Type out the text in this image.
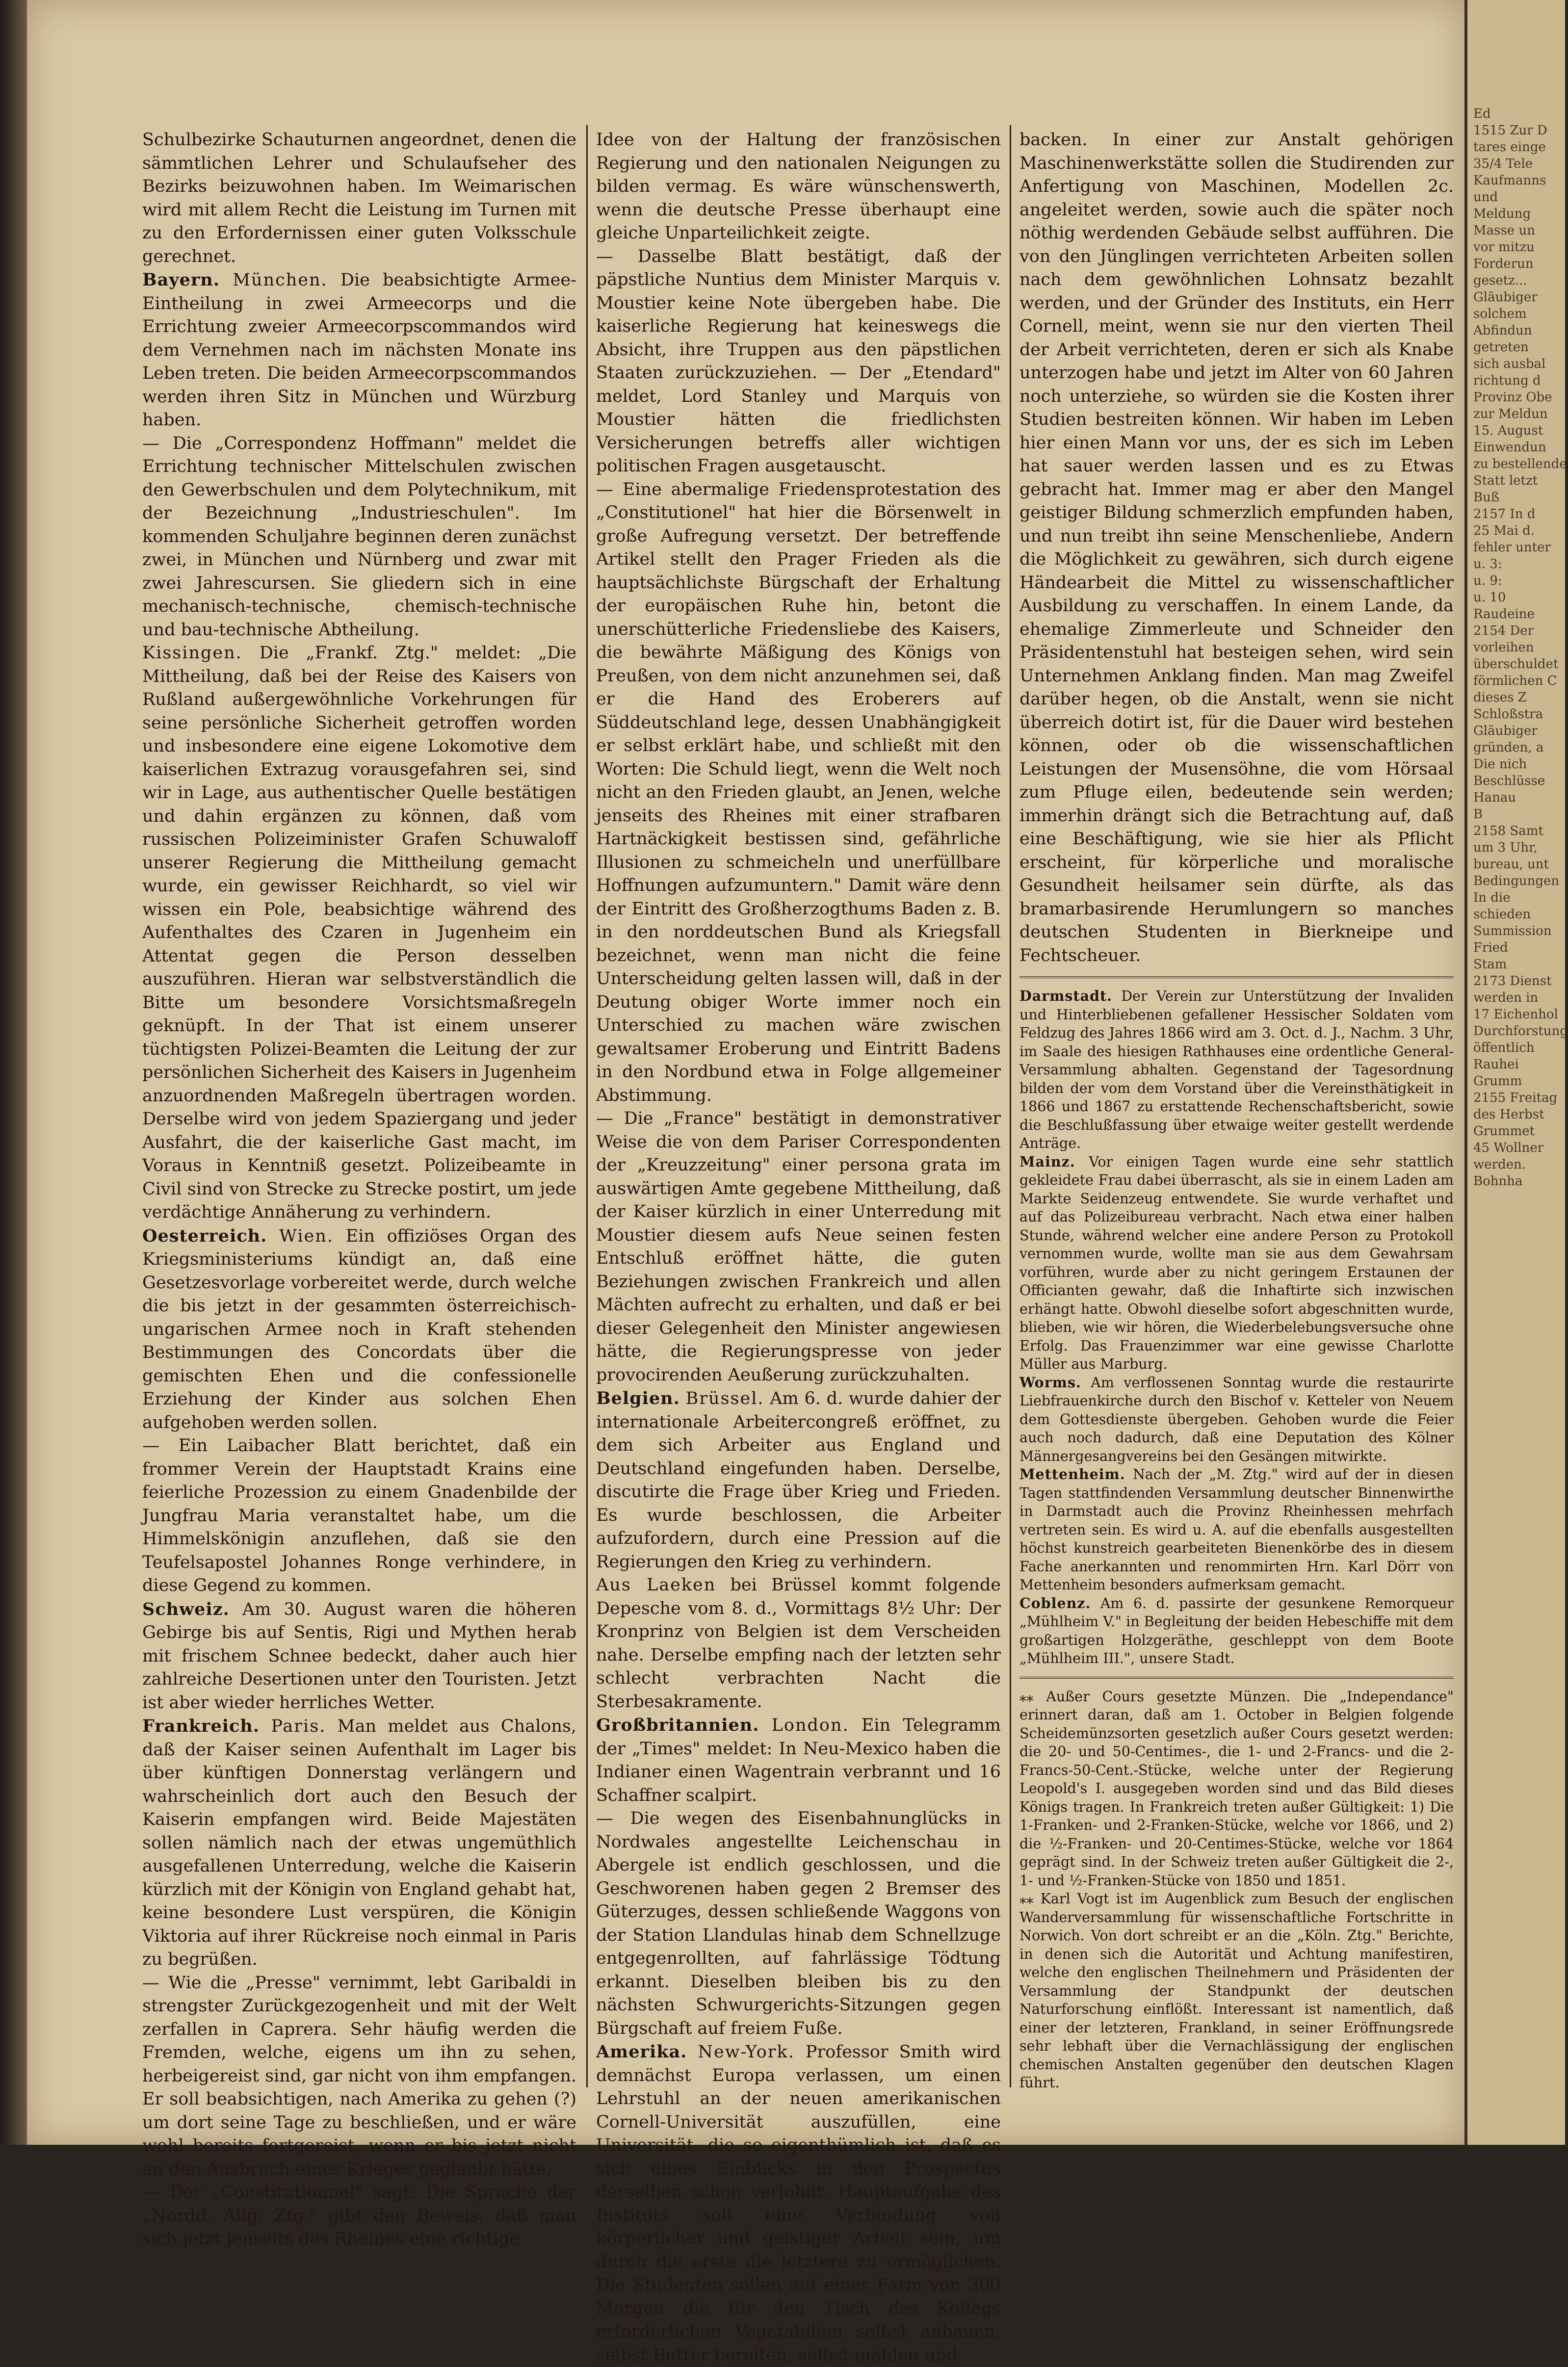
Schulbezirke Schauturnen angeordnet, denen die sämmtlichen Lehrer und Schulaufseher des Bezirks beizuwohnen haben. Im Weimarischen wird mit allem Recht die Leistung im Turnen mit zu den Erfordernissen einer guten Volksschule gerechnet.

Bayern. München. Die beabsichtigte Armee-Eintheilung in zwei Armeecorps und die Errichtung zweier Armeecorpscommandos wird dem Vernehmen nach im nächsten Monate ins Leben treten. Die beiden Armeecorpscommandos werden ihren Sitz in München und Würzburg haben.

— Die „Correspondenz Hoffmann" meldet die Errichtung technischer Mittelschulen zwischen den Gewerbschulen und dem Polytechnikum, mit der Bezeichnung „Industrieschulen". Im kommenden Schuljahre beginnen deren zunächst zwei, in München und Nürnberg und zwar mit zwei Jahrescursen. Sie gliedern sich in eine mechanisch-technische, chemisch-technische und bau-technische Abtheilung.

Kissingen. Die „Frankf. Ztg." meldet: „Die Mittheilung, daß bei der Reise des Kaisers von Rußland außergewöhnliche Vorkehrungen für seine persönliche Sicherheit getroffen worden und insbesondere eine eigene Lokomotive dem kaiserlichen Extrazug vorausgefahren sei, sind wir in Lage, aus authentischer Quelle bestätigen und dahin ergänzen zu können, daß vom russischen Polizeiminister Grafen Schuwaloff unserer Regierung die Mittheilung gemacht wurde, ein gewisser Reichhardt, so viel wir wissen ein Pole, beabsichtige während des Aufenthaltes des Czaren in Jugenheim ein Attentat gegen die Person desselben auszuführen. Hieran war selbstverständlich die Bitte um besondere Vorsichtsmaßregeln geknüpft. In der That ist einem unserer tüchtigsten Polizei-Beamten die Leitung der zur persönlichen Sicherheit des Kaisers in Jugenheim anzuordnenden Maßregeln übertragen worden. Derselbe wird von jedem Spaziergang und jeder Ausfahrt, die der kaiserliche Gast macht, im Voraus in Kenntniß gesetzt. Polizeibeamte in Civil sind von Strecke zu Strecke postirt, um jede verdächtige Annäherung zu verhindern.

Oesterreich. Wien. Ein offiziöses Organ des Kriegsministeriums kündigt an, daß eine Gesetzesvorlage vorbereitet werde, durch welche die bis jetzt in der gesammten österreichisch-ungarischen Armee noch in Kraft stehenden Bestimmungen des Concordats über die gemischten Ehen und die confessionelle Erziehung der Kinder aus solchen Ehen aufgehoben werden sollen.

— Ein Laibacher Blatt berichtet, daß ein frommer Verein der Hauptstadt Krains eine feierliche Prozession zu einem Gnadenbilde der Jungfrau Maria veranstaltet habe, um die Himmelskönigin anzuflehen, daß sie den Teufelsapostel Johannes Ronge verhindere, in diese Gegend zu kommen.

Schweiz. Am 30. August waren die höheren Gebirge bis auf Sentis, Rigi und Mythen herab mit frischem Schnee bedeckt, daher auch hier zahlreiche Desertionen unter den Touristen. Jetzt ist aber wieder herrliches Wetter.

Frankreich. Paris. Man meldet aus Chalons, daß der Kaiser seinen Aufenthalt im Lager bis über künftigen Donnerstag verlängern und wahrscheinlich dort auch den Besuch der Kaiserin empfangen wird. Beide Majestäten sollen nämlich nach der etwas ungemüthlich ausgefallenen Unterredung, welche die Kaiserin kürzlich mit der Königin von England gehabt hat, keine besondere Lust verspüren, die Königin Viktoria auf ihrer Rückreise noch einmal in Paris zu begrüßen.

— Wie die „Presse" vernimmt, lebt Garibaldi in strengster Zurückgezogenheit und mit der Welt zerfallen in Caprera. Sehr häufig werden die Fremden, welche, eigens um ihn zu sehen, herbeigereist sind, gar nicht von ihm empfangen. Er soll beabsichtigen, nach Amerika zu gehen (?) um dort seine Tage zu beschließen, und er wäre wohl bereits fortgereist, wenn er bis jetzt nicht an den Ausbruch eines Krieges geglaubt hätte.

— Der „Constitutionnel" sagt: Die Sprache der „Nordd. Allg. Ztg." gibt den Beweis, daß man sich jetzt jenseits des Rheines eine richtige

Idee von der Haltung der französischen Regierung und den nationalen Neigungen zu bilden vermag. Es wäre wünschenswerth, wenn die deutsche Presse überhaupt eine gleiche Unparteilichkeit zeigte.

— Dasselbe Blatt bestätigt, daß der päpstliche Nuntius dem Minister Marquis v. Moustier keine Note übergeben habe. Die kaiserliche Regierung hat keineswegs die Absicht, ihre Truppen aus den päpstlichen Staaten zurückzuziehen. — Der „Etendard" meldet, Lord Stanley und Marquis von Moustier hätten die friedlichsten Versicherungen betreffs aller wichtigen politischen Fragen ausgetauscht.

— Eine abermalige Friedensprotestation des „Constitutionel" hat hier die Börsenwelt in große Aufregung versetzt. Der betreffende Artikel stellt den Prager Frieden als die hauptsächlichste Bürgschaft der Erhaltung der europäischen Ruhe hin, betont die unerschütterliche Friedensliebe des Kaisers, die bewährte Mäßigung des Königs von Preußen, von dem nicht anzunehmen sei, daß er die Hand des Eroberers auf Süddeutschland lege, dessen Unabhängigkeit er selbst erklärt habe, und schließt mit den Worten: Die Schuld liegt, wenn die Welt noch nicht an den Frieden glaubt, an Jenen, welche jenseits des Rheines mit einer strafbaren Hartnäckigkeit bestissen sind, gefährliche Illusionen zu schmeicheln und unerfüllbare Hoffnungen aufzumuntern." Damit wäre denn der Eintritt des Großherzogthums Baden z. B. in den norddeutschen Bund als Kriegsfall bezeichnet, wenn man nicht die feine Unterscheidung gelten lassen will, daß in der Deutung obiger Worte immer noch ein Unterschied zu machen wäre zwischen gewaltsamer Eroberung und Eintritt Badens in den Nordbund etwa in Folge allgemeiner Abstimmung.

— Die „France" bestätigt in demonstrativer Weise die von dem Pariser Correspondenten der „Kreuzzeitung" einer persona grata im auswärtigen Amte gegebene Mittheilung, daß der Kaiser kürzlich in einer Unterredung mit Moustier diesem aufs Neue seinen festen Entschluß eröffnet hätte, die guten Beziehungen zwischen Frankreich und allen Mächten aufrecht zu erhalten, und daß er bei dieser Gelegenheit den Minister angewiesen hätte, die Regierungspresse von jeder provocirenden Aeußerung zurückzuhalten.

Belgien. Brüssel. Am 6. d. wurde dahier der internationale Arbeitercongreß eröffnet, zu dem sich Arbeiter aus England und Deutschland eingefunden haben. Derselbe, discutirte die Frage über Krieg und Frieden. Es wurde beschlossen, die Arbeiter aufzufordern, durch eine Pression auf die Regierungen den Krieg zu verhindern.

Aus Laeken bei Brüssel kommt folgende Depesche vom 8. d., Vormittags 8½ Uhr: Der Kronprinz von Belgien ist dem Verscheiden nahe. Derselbe empfing nach der letzten sehr schlecht verbrachten Nacht die Sterbesakramente.

Großbritannien. London. Ein Telegramm der „Times" meldet: In Neu-Mexico haben die Indianer einen Wagentrain verbrannt und 16 Schaffner scalpirt.

— Die wegen des Eisenbahnunglücks in Nordwales angestellte Leichenschau in Abergele ist endlich geschlossen, und die Geschworenen haben gegen 2 Bremser des Güterzuges, dessen schließende Waggons von der Station Llandulas hinab dem Schnellzuge entgegenrollten, auf fahrlässige Tödtung erkannt. Dieselben bleiben bis zu den nächsten Schwurgerichts-Sitzungen gegen Bürgschaft auf freiem Fuße.

Amerika. New-York. Professor Smith wird demnächst Europa verlassen, um einen Lehrstuhl an der neuen amerikanischen Cornell-Universität auszufüllen, eine Universität, die so eigenthümlich ist, daß es sich eines Einblicks in den Prospectus derselben schon verlohnt. Hauptaufgabe des Instituts soll eine Verbindung von körperlicher und geistiger Arbeit sein, um durch die erste die letztere zu ermöglichen. Die Studenten sollen auf einer Farm von 300 Morgen die für den Tisch des Kollegs erforderlichen Vegetabilien selbst anbauen, selbst Butter bereiten, selbst mahlen und

backen. In einer zur Anstalt gehörigen Maschinenwerkstätte sollen die Studirenden zur Anfertigung von Maschinen, Modellen 2c. angeleitet werden, sowie auch die später noch nöthig werdenden Gebäude selbst aufführen. Die von den Jünglingen verrichteten Arbeiten sollen nach dem gewöhnlichen Lohnsatz bezahlt werden, und der Gründer des Instituts, ein Herr Cornell, meint, wenn sie nur den vierten Theil der Arbeit verrichteten, deren er sich als Knabe unterzogen habe und jetzt im Alter von 60 Jahren noch unterziehe, so würden sie die Kosten ihrer Studien bestreiten können. Wir haben im Leben hier einen Mann vor uns, der es sich im Leben hat sauer werden lassen und es zu Etwas gebracht hat. Immer mag er aber den Mangel geistiger Bildung schmerzlich empfunden haben, und nun treibt ihn seine Menschenliebe, Andern die Möglichkeit zu gewähren, sich durch eigene Händearbeit die Mittel zu wissenschaftlicher Ausbildung zu verschaffen. In einem Lande, da ehemalige Zimmerleute und Schneider den Präsidentenstuhl hat besteigen sehen, wird sein Unternehmen Anklang finden. Man mag Zweifel darüber hegen, ob die Anstalt, wenn sie nicht überreich dotirt ist, für die Dauer wird bestehen können, oder ob die wissenschaftlichen Leistungen der Musensöhne, die vom Hörsaal zum Pfluge eilen, bedeutende sein werden; immerhin drängt sich die Betrachtung auf, daß eine Beschäftigung, wie sie hier als Pflicht erscheint, für körperliche und moralische Gesundheit heilsamer sein dürfte, als das bramarbasirende Herumlungern so manches deutschen Studenten in Bierkneipe und Fechtscheuer.

Darmstadt. Der Verein zur Unterstützung der Invaliden und Hinterbliebenen gefallener Hessischer Soldaten vom Feldzug des Jahres 1866 wird am 3. Oct. d. J., Nachm. 3 Uhr, im Saale des hiesigen Rathhauses eine ordentliche General-Versammlung abhalten. Gegenstand der Tagesordnung bilden der vom dem Vorstand über die Vereinsthätigkeit in 1866 und 1867 zu erstattende Rechenschaftsbericht, sowie die Beschlußfassung über etwaige weiter gestellt werdende Anträge.

Mainz. Vor einigen Tagen wurde eine sehr stattlich gekleidete Frau dabei überrascht, als sie in einem Laden am Markte Seidenzeug entwendete. Sie wurde verhaftet und auf das Polizeibureau verbracht. Nach etwa einer halben Stunde, während welcher eine andere Person zu Protokoll vernommen wurde, wollte man sie aus dem Gewahrsam vorführen, wurde aber zu nicht geringem Erstaunen der Officianten gewahr, daß die Inhaftirte sich inzwischen erhängt hatte. Obwohl dieselbe sofort abgeschnitten wurde, blieben, wie wir hören, die Wiederbelebungsversuche ohne Erfolg. Das Frauenzimmer war eine gewisse Charlotte Müller aus Marburg.

Worms. Am verflossenen Sonntag wurde die restaurirte Liebfrauenkirche durch den Bischof v. Ketteler von Neuem dem Gottesdienste übergeben. Gehoben wurde die Feier auch noch dadurch, daß eine Deputation des Kölner Männergesangvereins bei den Gesängen mitwirkte.

Mettenheim. Nach der „M. Ztg." wird auf der in diesen Tagen stattfindenden Versammlung deutscher Binnenwirthe in Darmstadt auch die Provinz Rheinhessen mehrfach vertreten sein. Es wird u. A. auf die ebenfalls ausgestellten höchst kunstreich gearbeiteten Bienenkörbe des in diesem Fache anerkannten und renommirten Hrn. Karl Dörr von Mettenheim besonders aufmerksam gemacht.

Coblenz. Am 6. d. passirte der gesunkene Remorqueur „Mühlheim V." in Begleitung der beiden Hebeschiffe mit dem großartigen Holzgeräthe, geschleppt von dem Boote „Mühlheim III.", unsere Stadt.

⁎⁎ Außer Cours gesetzte Münzen. Die „Independance" erinnert daran, daß am 1. October in Belgien folgende Scheidemünzsorten gesetzlich außer Cours gesetzt werden: die 20- und 50-Centimes-, die 1- und 2-Francs- und die 2-Francs-50-Cent.-Stücke, welche unter der Regierung Leopold's I. ausgegeben worden sind und das Bild dieses Königs tragen. In Frankreich treten außer Gültigkeit: 1) Die 1-Franken- und 2-Franken-Stücke, welche vor 1866, und 2) die ½-Franken- und 20-Centimes-Stücke, welche vor 1864 geprägt sind. In der Schweiz treten außer Gültigkeit die 2-, 1- und ½-Franken-Stücke von 1850 und 1851.

⁎⁎ Karl Vogt ist im Augenblick zum Besuch der englischen Wanderversammlung für wissenschaftliche Fortschritte in Norwich. Von dort schreibt er an die „Köln. Ztg." Berichte, in denen sich die Autorität und Achtung manifestiren, welche den englischen Theilnehmern und Präsidenten der Versammlung der Standpunkt der deutschen Naturforschung einflößt. Interessant ist namentlich, daß einer der letzteren, Frankland, in seiner Eröffnungsrede sehr lebhaft über die Vernachlässigung der englischen chemischen Anstalten gegenüber den deutschen Klagen führt.

Ed
1515 Zur D
tares einge
35/4 Tele
Kaufmanns
und
Meldung
Masse un
vor mitzu
Forderun
gesetz...
Gläubiger
solchem
Abfindun
getreten
sich ausbal
richtung d
Provinz Obe
zur Meldun
15. August
Einwendun
zu bestellende
Statt letzt
Buß
2157 In d
25 Mai d.
fehler unter
u. 3:
u. 9:
u. 10
Raudeine
2154 Der
vorleihen
überschuldet
förmlichen C
dieses Z
Schloßstra
Gläubiger
gründen, a
Die nich
Beschlüsse
Hanau
B
2158 Samt
um 3 Uhr,
bureau, unt
Bedingungen
In die
schieden
Summission
Fried
Stam
2173 Dienst
werden in
17 Eichenhol
Durchforstung
öffentlich
Rauhei
Grumm
2155 Freitag
des Herbst
Grummet
45 Wollner
werden.
Bohnha
